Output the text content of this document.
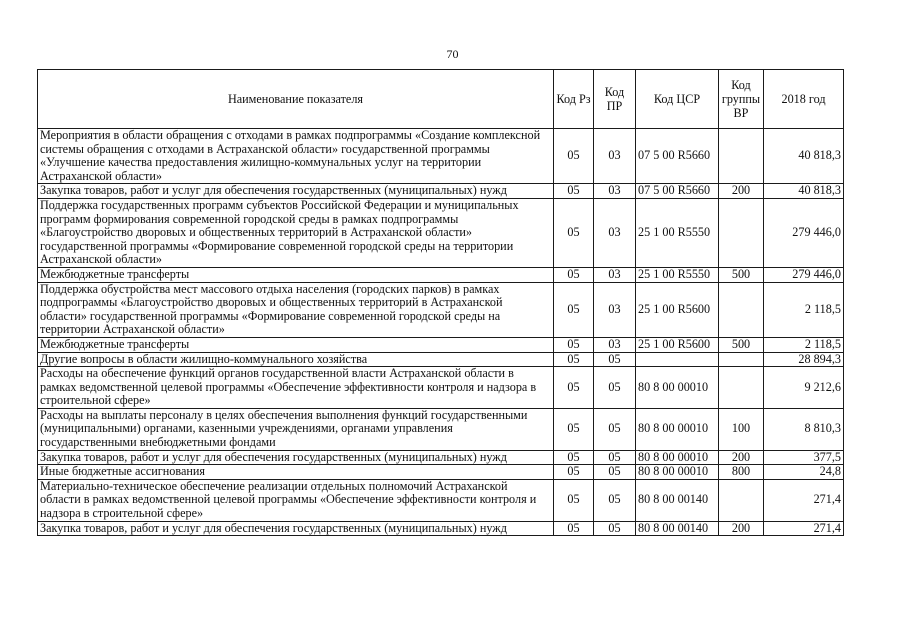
70
Наименование показателя	Код Рз	Код ПР	Код ЦСР	Код группы ВР	2018 год
Мероприятия в области обращения с отходами в рамках подпрограммы «Создание комплексной системы обращения с отходами в Астраханской области» государственной программы «Улучшение качества предоставления жилищно-коммунальных услуг на территории Астраханской области»	05	03	07 5 00 R5660		40 818,3
Закупка товаров, работ и услуг для обеспечения государственных (муниципальных) нужд	05	03	07 5 00 R5660	200	40 818,3
Поддержка государственных программ субъектов Российской Федерации и муниципальных программ формирования современной городской среды в рамках подпрограммы «Благоустройство дворовых и общественных территорий в Астраханской области» государственной программы «Формирование современной городской среды на территории Астраханской области»	05	03	25 1 00 R5550		279 446,0
Межбюджетные трансферты	05	03	25 1 00 R5550	500	279 446,0
Поддержка обустройства мест массового отдыха населения (городских парков) в рамках подпрограммы «Благоустройство дворовых и общественных территорий в Астраханской области» государственной программы «Формирование современной городской среды на территории Астраханской области»	05	03	25 1 00 R5600		2 118,5
Межбюджетные трансферты	05	03	25 1 00 R5600	500	2 118,5
Другие вопросы в области жилищно-коммунального хозяйства	05	05			28 894,3
Расходы на обеспечение функций органов государственной власти Астраханской области в рамках ведомственной целевой программы «Обеспечение эффективности контроля и надзора в строительной сфере»	05	05	80 8 00 00010		9 212,6
Расходы на выплаты персоналу в целях обеспечения выполнения функций государственными (муниципальными) органами, казенными учреждениями, органами управления государственными внебюджетными фондами	05	05	80 8 00 00010	100	8 810,3
Закупка товаров, работ и услуг для обеспечения государственных (муниципальных) нужд	05	05	80 8 00 00010	200	377,5
Иные бюджетные ассигнования	05	05	80 8 00 00010	800	24,8
Материально-техническое обеспечение реализации отдельных полномочий Астраханской области в рамках ведомственной целевой программы «Обеспечение эффективности контроля и надзора в строительной сфере»	05	05	80 8 00 00140		271,4
Закупка товаров, работ и услуг для обеспечения государственных (муниципальных) нужд	05	05	80 8 00 00140	200	271,4
